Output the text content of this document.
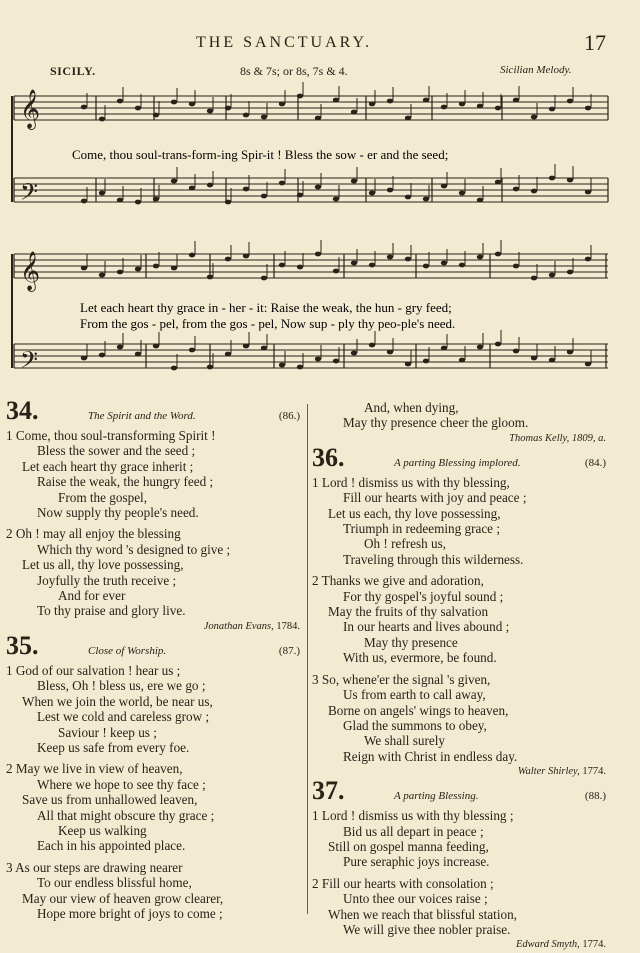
THE SANCTUARY.	17
SICILY.	8s & 7s; or 8s, 7s & 4.	Sicilian Melody.
𝄞
𝄢
Come, thou soul-trans-form-ing Spir-it ! Bless the sow - er and the seed;
𝄞
𝄢
Let each heart thy grace in - her - it: Raise the weak, the hun - gry feed;
From the gos - pel, from the gos - pel, Now sup - ply thy peo-ple's need.
34.	The Spirit and the Word.	(86.)
1 Come, thou soul-transforming Spirit !
Bless the sower and the seed ;
Let each heart thy grace inherit ;
Raise the weak, the hungry feed ;
From the gospel,
Now supply thy people's need.
2 Oh ! may all enjoy the blessing
Which thy word 's designed to give ;
Let us all, thy love possessing,
Joyfully the truth receive ;
And for ever
To thy praise and glory live.
Jonathan Evans, 1784.
35.	Close of Worship.	(87.)
1 God of our salvation ! hear us ;
Bless, Oh ! bless us, ere we go ;
When we join the world, be near us,
Lest we cold and careless grow ;
Saviour ! keep us ;
Keep us safe from every foe.
2 May we live in view of heaven,
Where we hope to see thy face ;
Save us from unhallowed leaven,
All that might obscure thy grace ;
Keep us walking
Each in his appointed place.
3 As our steps are drawing nearer
To our endless blissful home,
May our view of heaven grow clearer,
Hope more bright of joys to come ;
And, when dying,
May thy presence cheer the gloom.
Thomas Kelly, 1809, a.
36.	A parting Blessing implored.	(84.)
1 Lord ! dismiss us with thy blessing,
Fill our hearts with joy and peace ;
Let us each, thy love possessing,
Triumph in redeeming grace ;
Oh ! refresh us,
Traveling through this wilderness.
2 Thanks we give and adoration,
For thy gospel's joyful sound ;
May the fruits of thy salvation
In our hearts and lives abound ;
May thy presence
With us, evermore, be found.
3 So, whene'er the signal 's given,
Us from earth to call away,
Borne on angels' wings to heaven,
Glad the summons to obey,
We shall surely
Reign with Christ in endless day.
Walter Shirley, 1774.
37.	A parting Blessing.	(88.)
1 Lord ! dismiss us with thy blessing ;
Bid us all depart in peace ;
Still on gospel manna feeding,
Pure seraphic joys increase.
2 Fill our hearts with consolation ;
Unto thee our voices raise ;
When we reach that blissful station,
We will give thee nobler praise.
Edward Smyth, 1774.
